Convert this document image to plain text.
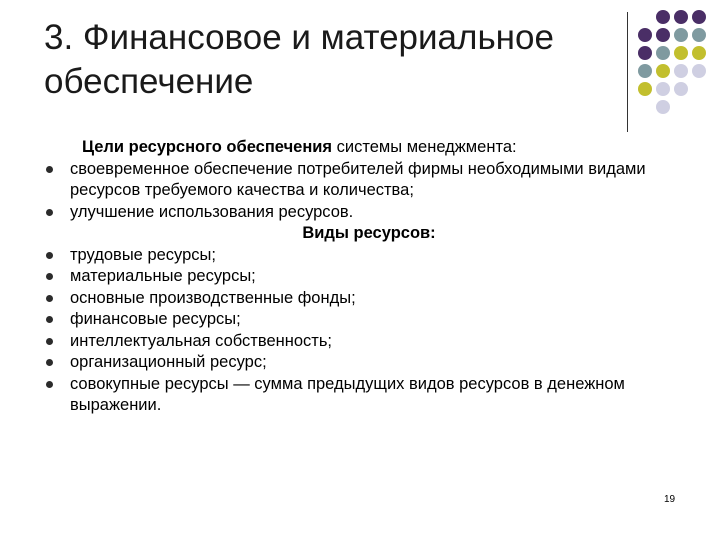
3. Финансовое и материальное обеспечение

Цели ресурсного обеспечения системы менеджмента:

своевременное обеспечение потребителей фирмы необходимыми видами ресурсов требуемого качества и количества;
улучшение использования ресурсов.

Виды ресурсов:

трудовые ресурсы;
материальные ресурсы;
основные производственные фонды;
финансовые ресурсы;
интеллектуальная собственность;
организационный ресурс;
совокупные ресурсы — сумма предыдущих видов ресурсов в денежном выражении.
19
